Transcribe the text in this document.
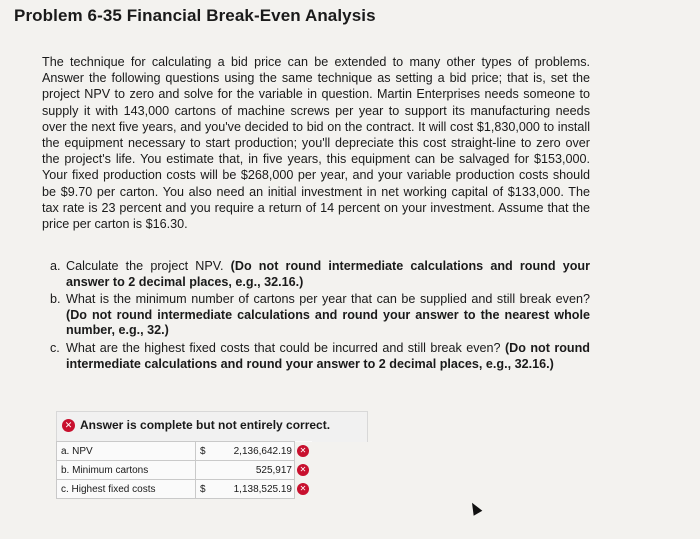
Problem 6-35 Financial Break-Even Analysis
The technique for calculating a bid price can be extended to many other types of problems. Answer the following questions using the same technique as setting a bid price; that is, set the project NPV to zero and solve for the variable in question. Martin Enterprises needs someone to supply it with 143,000 cartons of machine screws per year to support its manufacturing needs over the next five years, and you've decided to bid on the contract. It will cost $1,830,000 to install the equipment necessary to start production; you'll depreciate this cost straight-line to zero over the project's life. You estimate that, in five years, this equipment can be salvaged for $153,000. Your fixed production costs will be $268,000 per year, and your variable production costs should be $9.70 per carton. You also need an initial investment in net working capital of $133,000. The tax rate is 23 percent and you require a return of 14 percent on your investment. Assume that the price per carton is $16.30.
a. Calculate the project NPV. (Do not round intermediate calculations and round your answer to 2 decimal places, e.g., 32.16.)
b. What is the minimum number of cartons per year that can be supplied and still break even? (Do not round intermediate calculations and round your answer to the nearest whole number, e.g., 32.)
c. What are the highest fixed costs that could be incurred and still break even? (Do not round intermediate calculations and round your answer to 2 decimal places, e.g., 32.16.)
✕ Answer is complete but not entirely correct.
a. NPV	$	2,136,642.19	✕
b. Minimum cartons		525,917	✕
c. Highest fixed costs	$	1,138,525.19	✕
